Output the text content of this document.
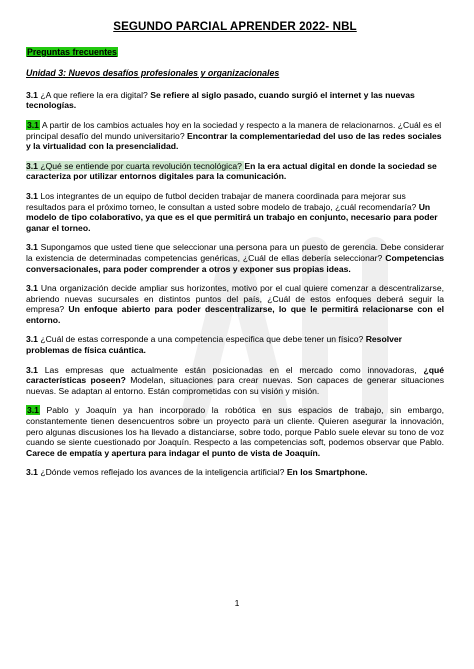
SEGUNDO PARCIAL APRENDER 2022- NBL
Preguntas frecuentes
Unidad 3: Nuevos desafíos profesionales y organizacionales
3.1 ¿A que refiere la era digital? Se refiere al siglo pasado, cuando surgió el internet y las nuevas tecnologías.
3.1 A partir de los cambios actuales hoy en la sociedad y respecto a la manera de relacionarnos. ¿Cuál es el principal desafío del mundo universitario? Encontrar la complementariedad del uso de las redes sociales y la virtualidad con la presencialidad.
3.1 ¿Qué se entiende por cuarta revolución tecnológica? En la era actual digital en donde la sociedad se caracteriza por utilizar entornos digitales para la comunicación.
3.1 Los integrantes de un equipo de futbol deciden trabajar de manera coordinada para mejorar sus resultados para el próximo torneo, le consultan a usted sobre modelo de trabajo, ¿cuál recomendaría? Un modelo de tipo colaborativo, ya que es el que permitirá un trabajo en conjunto, necesario para poder ganar el torneo.
3.1 Supongamos que usted tiene que seleccionar una persona para un puesto de gerencia. Debe considerar la existencia de determinadas competencias genéricas, ¿Cuál de ellas debería seleccionar? Competencias conversacionales, para poder comprender a otros y exponer sus propias ideas.
3.1 Una organización decide ampliar sus horizontes, motivo por el cual quiere comenzar a descentralizarse, abriendo nuevas sucursales en distintos puntos del país, ¿Cuál de estos enfoques deberá seguir la empresa? Un enfoque abierto para poder descentralizarse, lo que le permitirá relacionarse con el entorno.
3.1 ¿Cuál de estas corresponde a una competencia especifica que debe tener un físico? Resolver problemas de física cuántica.
3.1 Las empresas que actualmente están posicionadas en el mercado como innovadoras, ¿qué características poseen? Modelan, situaciones para crear nuevas. Son capaces de generar situaciones nuevas. Se adaptan al entorno. Están comprometidas con su visión y misión.
3.1 Pablo y Joaquín ya han incorporado la robótica en sus espacios de trabajo, sin embargo, constantemente tienen desencuentros sobre un proyecto para un cliente. Quieren asegurar la innovación, pero algunas discusiones los ha llevado a distanciarse, sobre todo, porque Pablo suele elevar su tono de voz cuando se siente cuestionado por Joaquín. Respecto a las competencias soft, podemos observar que Pablo. Carece de empatía y apertura para indagar el punto de vista de Joaquín.
3.1 ¿Dónde vemos reflejado los avances de la inteligencia artificial? En los Smartphone.
1
